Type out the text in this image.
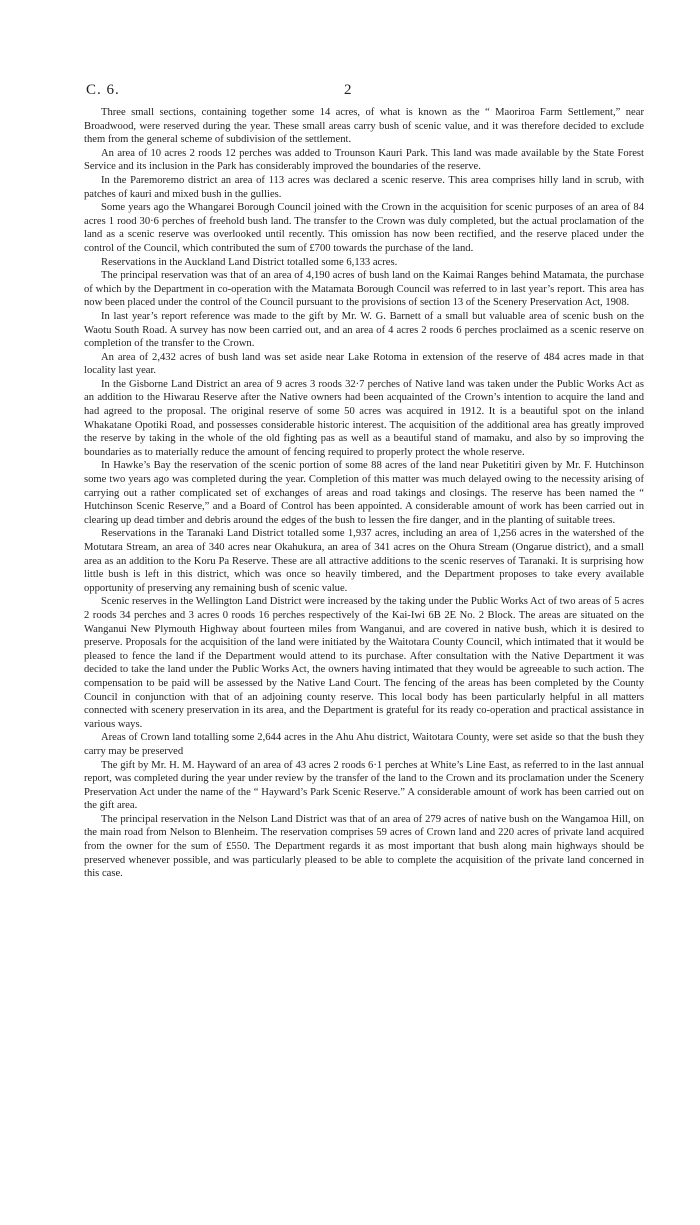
C. 6.	2

Three small sections, containing together some 14 acres, of what is known as the “ Maoriroa Farm Settlement,” near Broadwood, were reserved during the year. These small areas carry bush of scenic value, and it was therefore decided to exclude them from the general scheme of subdivision of the settlement.

An area of 10 acres 2 roods 12 perches was added to Trounson Kauri Park. This land was made available by the State Forest Service and its inclusion in the Park has considerably improved the boundaries of the reserve.

In the Paremoremo district an area of 113 acres was declared a scenic reserve. This area comprises hilly land in scrub, with patches of kauri and mixed bush in the gullies.

Some years ago the Whangarei Borough Council joined with the Crown in the acquisition for scenic purposes of an area of 84 acres 1 rood 30·6 perches of freehold bush land. The transfer to the Crown was duly completed, but the actual proclamation of the land as a scenic reserve was overlooked until recently. This omission has now been rectified, and the reserve placed under the control of the Council, which contributed the sum of £700 towards the purchase of the land.

Reservations in the Auckland Land District totalled some 6,133 acres.

The principal reservation was that of an area of 4,190 acres of bush land on the Kaimai Ranges behind Matamata, the purchase of which by the Department in co-operation with the Matamata Borough Council was referred to in last year’s report. This area has now been placed under the control of the Council pursuant to the provisions of section 13 of the Scenery Preservation Act, 1908.

In last year’s report reference was made to the gift by Mr. W. G. Barnett of a small but valuable area of scenic bush on the Waotu South Road. A survey has now been carried out, and an area of 4 acres 2 roods 6 perches proclaimed as a scenic reserve on completion of the transfer to the Crown.

An area of 2,432 acres of bush land was set aside near Lake Rotoma in extension of the reserve of 484 acres made in that locality last year.

In the Gisborne Land District an area of 9 acres 3 roods 32·7 perches of Native land was taken under the Public Works Act as an addition to the Hiwarau Reserve after the Native owners had been acquainted of the Crown’s intention to acquire the land and had agreed to the proposal. The original reserve of some 50 acres was acquired in 1912. It is a beautiful spot on the inland Whakatane Opotiki Road, and possesses considerable historic interest. The acquisition of the additional area has greatly improved the reserve by taking in the whole of the old fighting pas as well as a beautiful stand of mamaku, and also by so improving the boundaries as to materially reduce the amount of fencing required to properly protect the whole reserve.

In Hawke’s Bay the reservation of the scenic portion of some 88 acres of the land near Puketitiri given by Mr. F. Hutchinson some two years ago was completed during the year. Completion of this matter was much delayed owing to the necessity arising of carrying out a rather complicated set of exchanges of areas and road takings and closings. The reserve has been named the “ Hutchinson Scenic Reserve,” and a Board of Control has been appointed. A considerable amount of work has been carried out in clearing up dead timber and debris around the edges of the bush to lessen the fire danger, and in the planting of suitable trees.

Reservations in the Taranaki Land District totalled some 1,937 acres, including an area of 1,256 acres in the watershed of the Motutara Stream, an area of 340 acres near Okahukura, an area of 341 acres on the Ohura Stream (Ongarue district), and a small area as an addition to the Koru Pa Reserve. These are all attractive additions to the scenic reserves of Taranaki. It is surprising how little bush is left in this district, which was once so heavily timbered, and the Department proposes to take every available opportunity of preserving any remaining bush of scenic value.

Scenic reserves in the Wellington Land District were increased by the taking under the Public Works Act of two areas of 5 acres 2 roods 34 perches and 3 acres 0 roods 16 perches respectively of the Kai-Iwi 6B 2E No. 2 Block. The areas are situated on the Wanganui New Plymouth Highway about fourteen miles from Wanganui, and are covered in native bush, which it is desired to preserve. Proposals for the acquisition of the land were initiated by the Waitotara County Council, which intimated that it would be pleased to fence the land if the Department would attend to its purchase. After consultation with the Native Department it was decided to take the land under the Public Works Act, the owners having intimated that they would be agreeable to such action. The compensation to be paid will be assessed by the Native Land Court. The fencing of the areas has been completed by the County Council in conjunction with that of an adjoining county reserve. This local body has been particularly helpful in all matters connected with scenery preservation in its area, and the Department is grateful for its ready co-operation and practical assistance in various ways.

Areas of Crown land totalling some 2,644 acres in the Ahu Ahu district, Waitotara County, were set aside so that the bush they carry may be preserved

The gift by Mr. H. M. Hayward of an area of 43 acres 2 roods 6·1 perches at White’s Line East, as referred to in the last annual report, was completed during the year under review by the transfer of the land to the Crown and its proclamation under the Scenery Preservation Act under the name of the “ Hayward’s Park Scenic Reserve.” A considerable amount of work has been carried out on the gift area.

The principal reservation in the Nelson Land District was that of an area of 279 acres of native bush on the Wangamoa Hill, on the main road from Nelson to Blenheim. The reservation comprises 59 acres of Crown land and 220 acres of private land acquired from the owner for the sum of £550. The Department regards it as most important that bush along main highways should be preserved whenever possible, and was particularly pleased to be able to complete the acquisition of the private land concerned in this case.
